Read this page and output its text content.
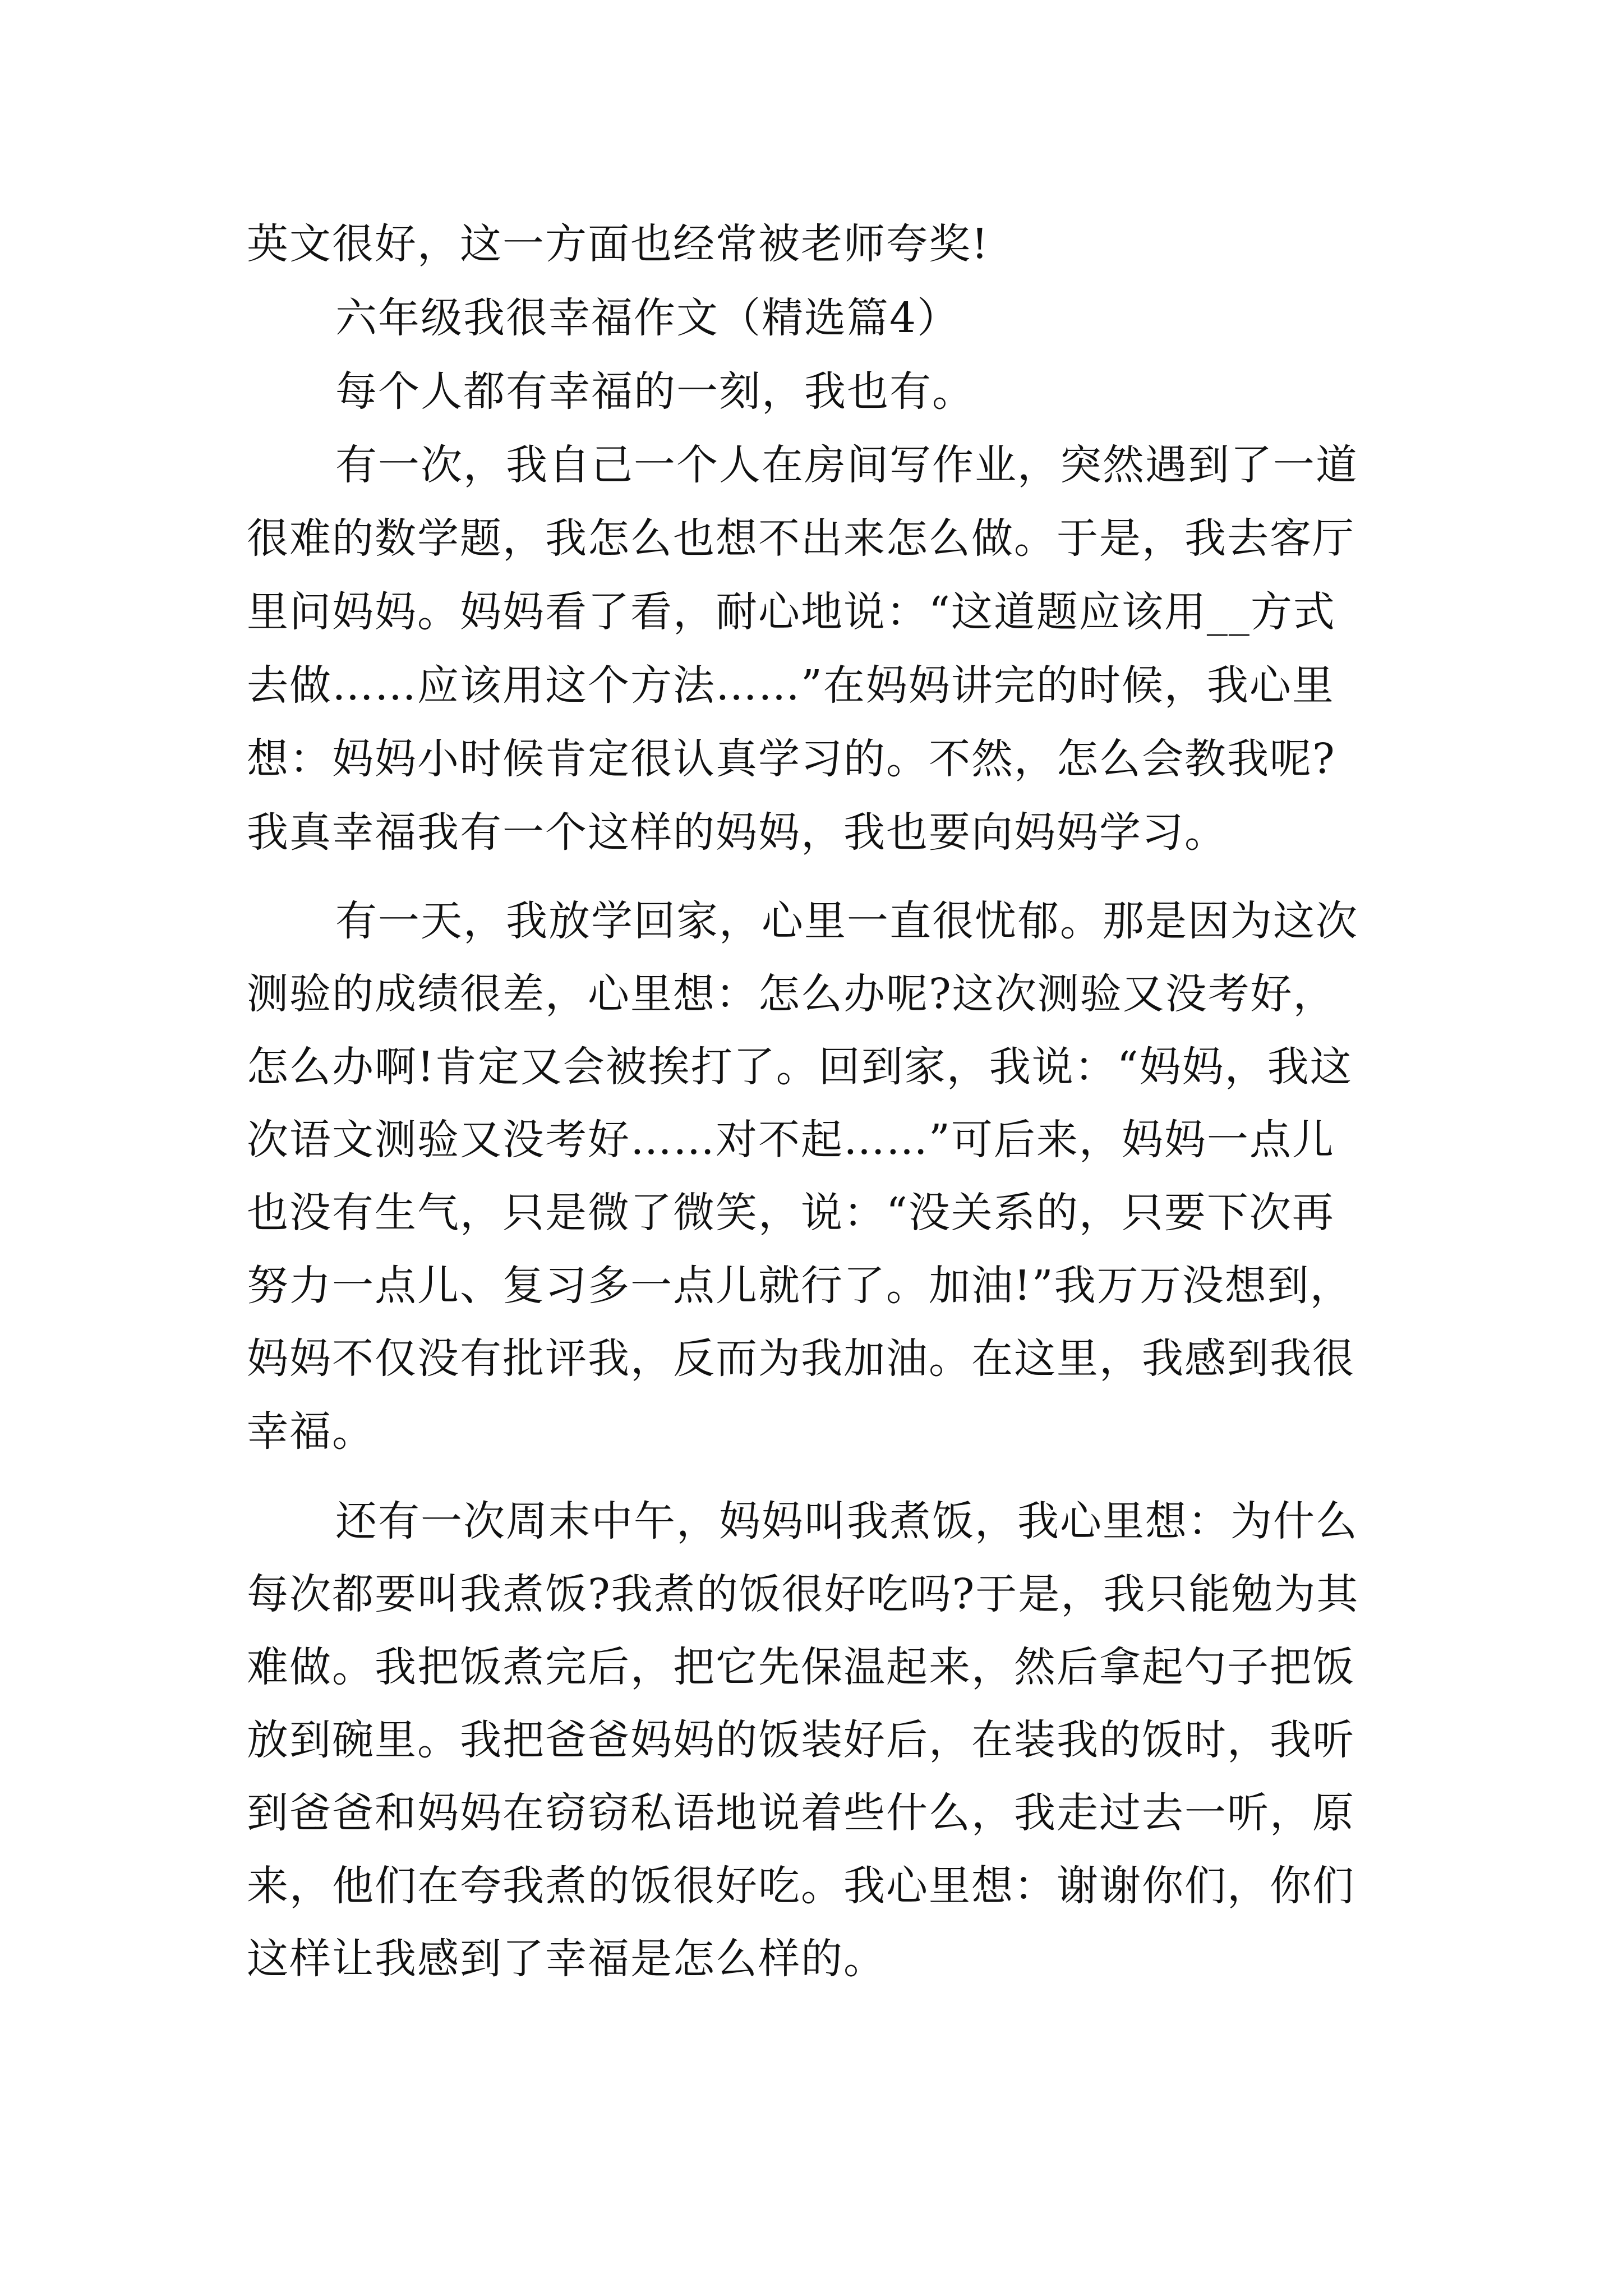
英文很好，这一方面也经常被老师夸奖!
六年级我很幸福作文（精选篇4）
每个人都有幸福的一刻，我也有。
有一次，我自己一个人在房间写作业，突然遇到了一道
很难的数学题，我怎么也想不出来怎么做。于是，我去客厅
里问妈妈。妈妈看了看，耐心地说：“这道题应该用__方式
去做……应该用这个方法……”在妈妈讲完的时候，我心里
想：妈妈小时候肯定很认真学习的。不然，怎么会教我呢?
我真幸福我有一个这样的妈妈，我也要向妈妈学习。
有一天，我放学回家，心里一直很忧郁。那是因为这次
测验的成绩很差，心里想：怎么办呢?这次测验又没考好，
怎么办啊!肯定又会被挨打了。回到家，我说：“妈妈，我这
次语文测验又没考好……对不起……”可后来，妈妈一点儿
也没有生气，只是微了微笑，说：“没关系的，只要下次再
努力一点儿、复习多一点儿就行了。加油!”我万万没想到，
妈妈不仅没有批评我，反而为我加油。在这里，我感到我很
幸福。
还有一次周末中午，妈妈叫我煮饭，我心里想：为什么
每次都要叫我煮饭?我煮的饭很好吃吗?于是，我只能勉为其
难做。我把饭煮完后，把它先保温起来，然后拿起勺子把饭
放到碗里。我把爸爸妈妈的饭装好后，在装我的饭时，我听
到爸爸和妈妈在窃窃私语地说着些什么，我走过去一听，原
来，他们在夸我煮的饭很好吃。我心里想：谢谢你们，你们
这样让我感到了幸福是怎么样的。
